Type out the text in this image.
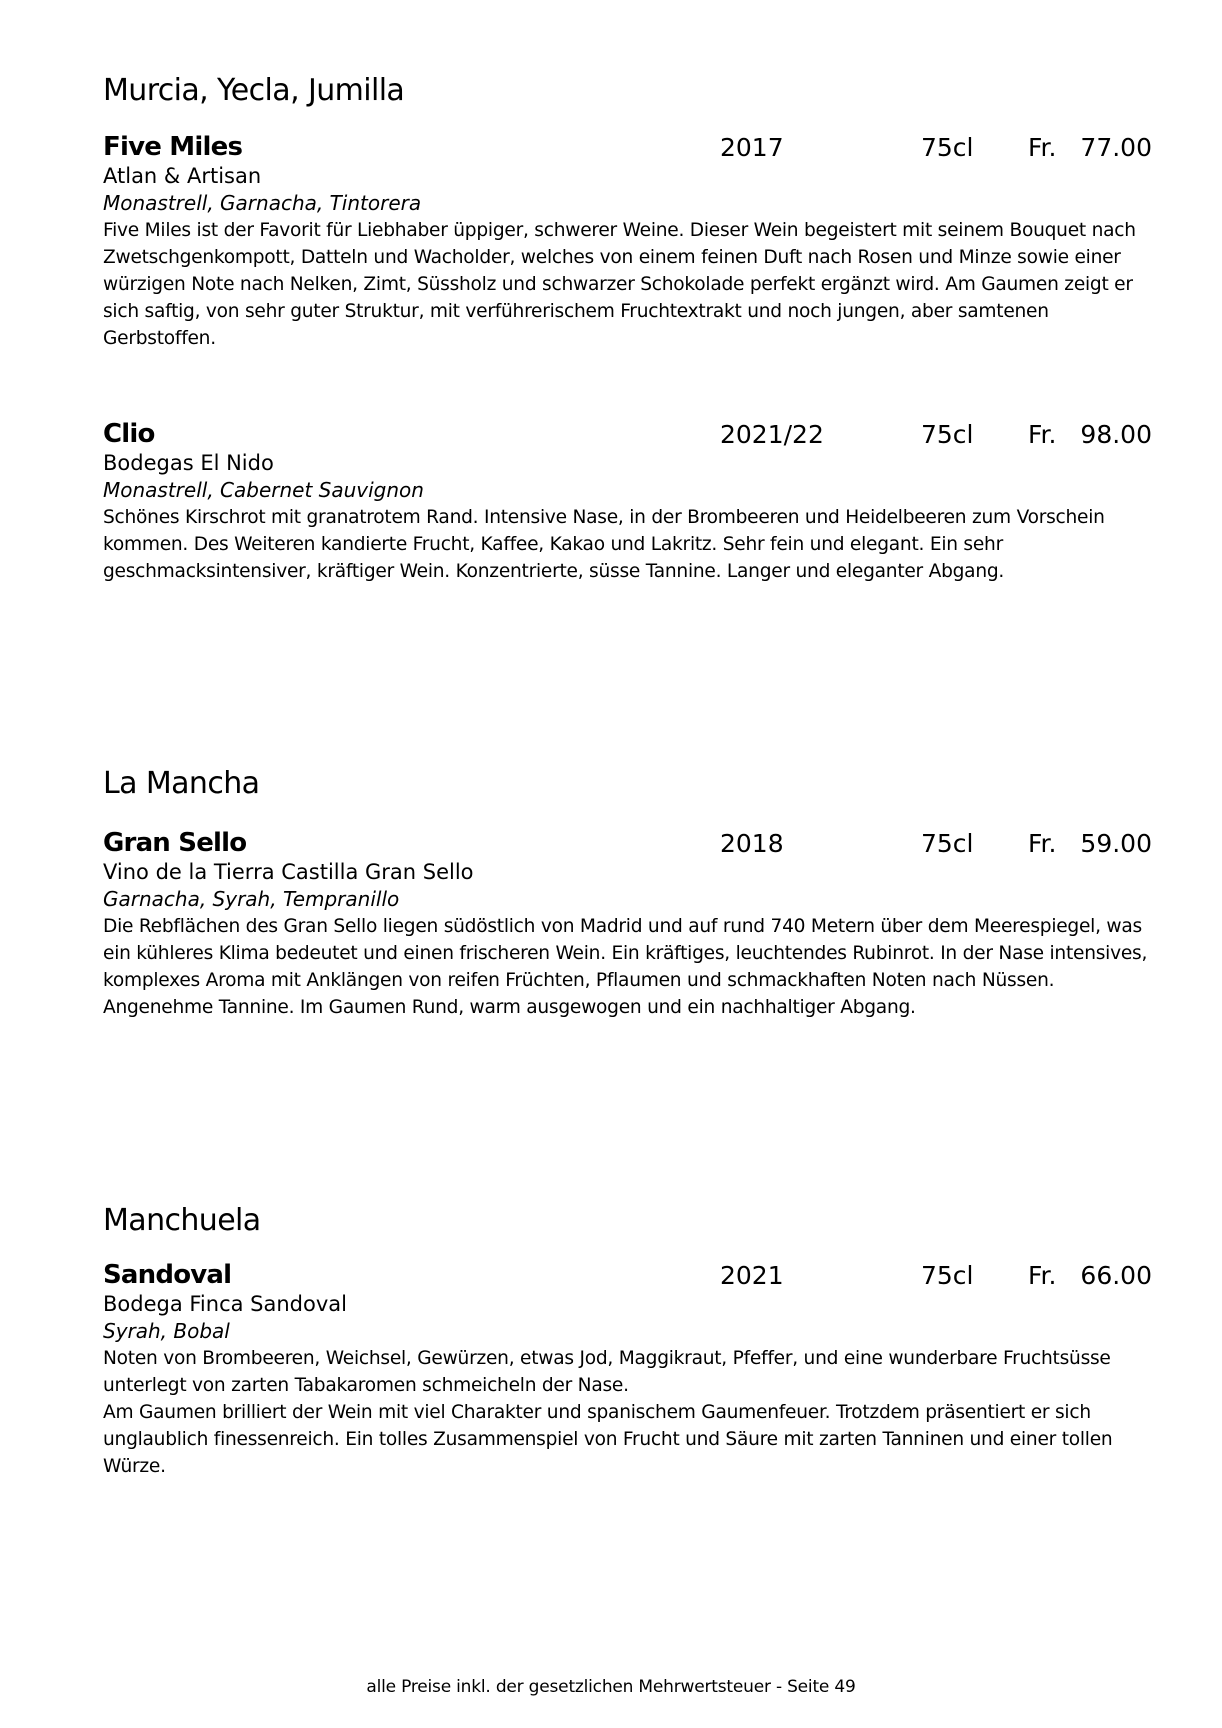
Murcia, Yecla, Jumilla
Five Miles	2017	75cl Fr. 77.00
Atlan & Artisan
Monastrell, Garnacha, Tintorera

Five Miles ist der Favorit für Liebhaber üppiger, schwerer Weine. Dieser Wein begeistert mit seinem Bouquet nach Zwetschgenkompott, Datteln und Wacholder, welches von einem feinen Duft nach Rosen und Minze sowie einer würzigen Note nach Nelken, Zimt, Süssholz und schwarzer Schokolade perfekt ergänzt wird. Am Gaumen zeigt er sich saftig, von sehr guter Struktur, mit verführerischem Fruchtextrakt und noch jungen, aber samtenen Gerbstoffen.

Clio	2021/22	75cl Fr. 98.00
Bodegas El Nido
Monastrell, Cabernet Sauvignon

Schönes Kirschrot mit granatrotem Rand. Intensive Nase, in der Brombeeren und Heidelbeeren zum Vorschein kommen. Des Weiteren kandierte Frucht, Kaffee, Kakao und Lakritz. Sehr fein und elegant. Ein sehr geschmacksintensiver, kräftiger Wein. Konzentrierte, süsse Tannine. Langer und eleganter Abgang.

La Mancha
Gran Sello	2018	75cl Fr. 59.00
Vino de la Tierra Castilla Gran Sello
Garnacha, Syrah, Tempranillo

Die Rebflächen des Gran Sello liegen südöstlich von Madrid und auf rund 740 Metern über dem Meerespiegel, was ein kühleres Klima bedeutet und einen frischeren Wein. Ein kräftiges, leuchtendes Rubinrot. In der Nase intensives, komplexes Aroma mit Anklängen von reifen Früchten, Pflaumen und schmackhaften Noten nach Nüssen. Angenehme Tannine. Im Gaumen Rund, warm ausgewogen und ein nachhaltiger Abgang.

Manchuela
Sandoval	2021	75cl Fr. 66.00
Bodega Finca Sandoval
Syrah, Bobal

Noten von Brombeeren, Weichsel, Gewürzen, etwas Jod, Maggikraut, Pfeffer, und eine wunderbare Fruchtsüsse unterlegt von zarten Tabakaromen schmeicheln der Nase.

Am Gaumen brilliert der Wein mit viel Charakter und spanischem Gaumenfeuer. Trotzdem präsentiert er sich unglaublich finessenreich. Ein tolles Zusammenspiel von Frucht und Säure mit zarten Tanninen und einer tollen Würze.

alle Preise inkl. der gesetzlichen Mehrwertsteuer - Seite 49
